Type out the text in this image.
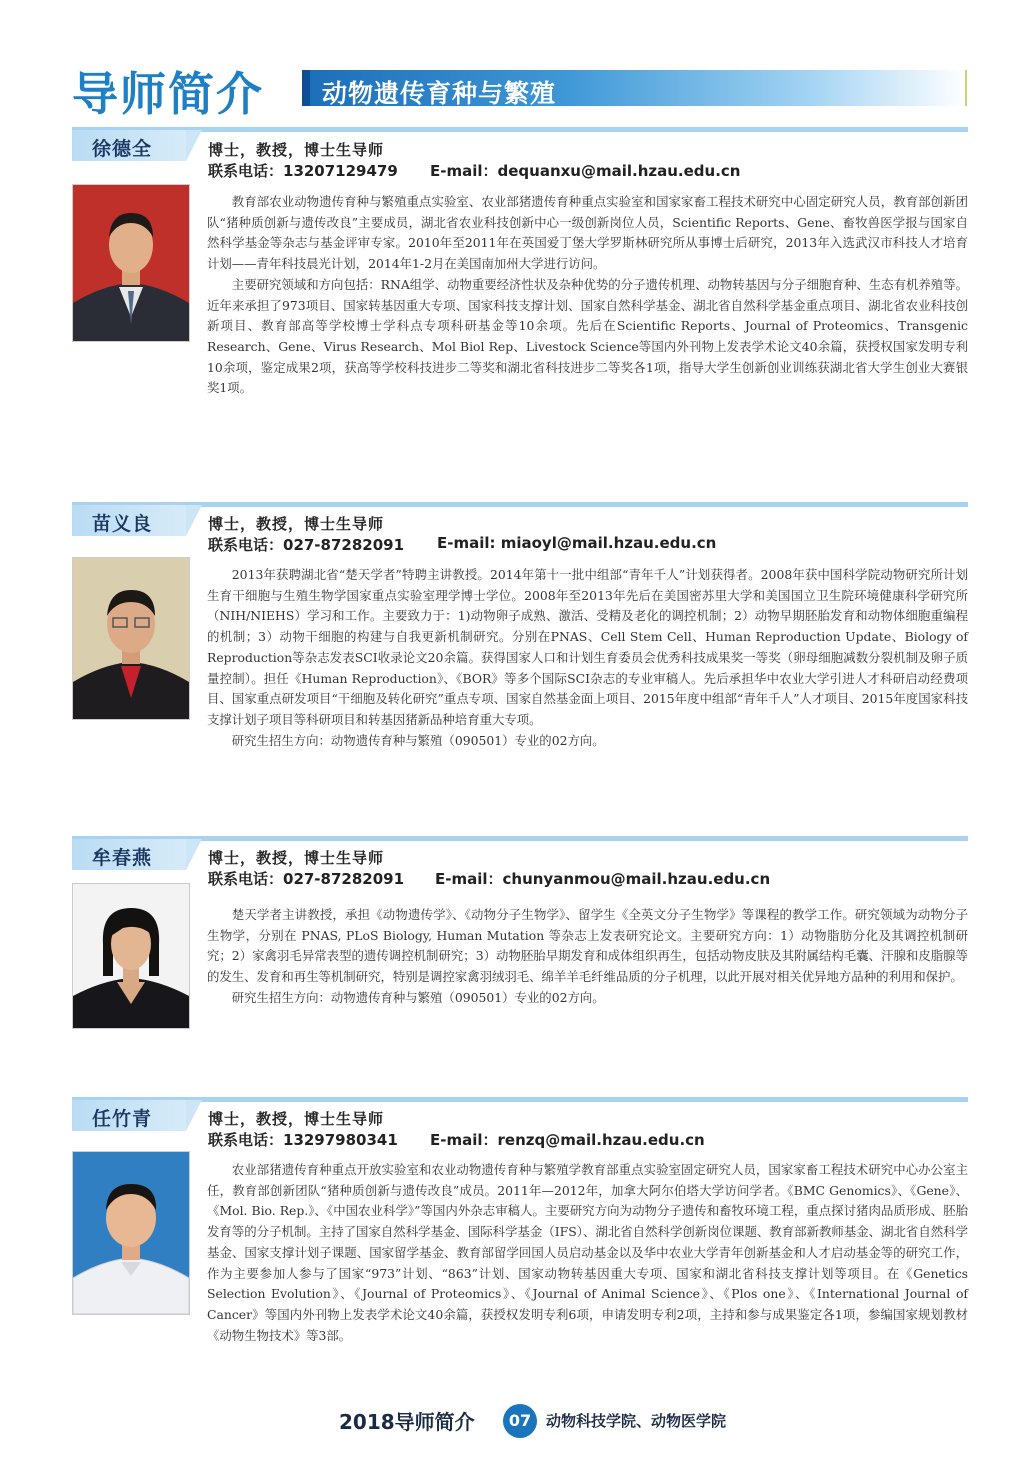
导师简介 动物遗传育种与繁殖
徐德全	博士，教授，博士生导师
联系电话：13207129479 E-mail：dequanxu@mail.hzau.edu.cn

教育部农业动物遗传育种与繁殖重点实验室、农业部猪遗传育种重点实验室和国家家畜工程技术研究中心固定研究人员，教育部创新团队“猪种质创新与遗传改良”主要成员，湖北省农业科技创新中心一级创新岗位人员，Scientific Reports、Gene、畜牧兽医学报与国家自然科学基金等杂志与基金评审专家。2010年至2011年在英国爱丁堡大学罗斯林研究所从事博士后研究，2013年入选武汉市科技人才培育计划——青年科技晨光计划，2014年1-2月在美国南加州大学进行访问。

主要研究领域和方向包括：RNA组学、动物重要经济性状及杂种优势的分子遗传机理、动物转基因与分子细胞育种、生态有机养殖等。近年来承担了973项目、国家转基因重大专项、国家科技支撑计划、国家自然科学基金、湖北省自然科学基金重点项目、湖北省农业科技创新项目、教育部高等学校博士学科点专项科研基金等10余项。先后在Scientific Reports、Journal of Proteomics、Transgenic Research、Gene、Virus Research、Mol Biol Rep、Livestock Science等国内外刊物上发表学术论文40余篇，获授权国家发明专利10余项，鉴定成果2项，获高等学校科技进步二等奖和湖北省科技进步二等奖各1项，指导大学生创新创业训练获湖北省大学生创业大赛银奖1项。

苗义良	博士，教授，博士生导师
联系电话：027-87282091 E-mail: miaoyl@mail.hzau.edu.cn

2013年获聘湖北省“楚天学者”特聘主讲教授。2014年第十一批中组部“青年千人”计划获得者。2008年获中国科学院动物研究所计划生育干细胞与生殖生物学国家重点实验室理学博士学位。2008年至2013年先后在美国密苏里大学和美国国立卫生院环境健康科学研究所（NIH/NIEHS）学习和工作。主要致力于：1)动物卵子成熟、激活、受精及老化的调控机制；2）动物早期胚胎发育和动物体细胞重编程的机制；3）动物干细胞的构建与自我更新机制研究。分别在PNAS、Cell Stem Cell、Human Reproduction Update、Biology of Reproduction等杂志发表SCI收录论文20余篇。获得国家人口和计划生育委员会优秀科技成果奖一等奖（卵母细胞减数分裂机制及卵子质量控制）。担任《Human Reproduction》、《BOR》等多个国际SCI杂志的专业审稿人。先后承担华中农业大学引进人才科研启动经费项目、国家重点研发项目“干细胞及转化研究”重点专项、国家自然基金面上项目、2015年度中组部“青年千人”人才项目、2015年度国家科技支撑计划子项目等科研项目和转基因猪新品种培育重大专项。

研究生招生方向：动物遗传育种与繁殖（090501）专业的02方向。

牟春燕	博士，教授，博士生导师
联系电话：027-87282091 E-mail：chunyanmou@mail.hzau.edu.cn

楚天学者主讲教授，承担《动物遗传学》、《动物分子生物学》、留学生《全英文分子生物学》等课程的教学工作。研究领域为动物分子生物学，分别在 PNAS, PLoS Biology, Human Mutation 等杂志上发表研究论文。主要研究方向：1）动物脂肪分化及其调控机制研究；2）家禽羽毛异常表型的遗传调控机制研究；3）动物胚胎早期发育和成体组织再生，包括动物皮肤及其附属结构毛囊、汗腺和皮脂腺等的发生、发育和再生等机制研究，特别是调控家禽羽绒羽毛、绵羊羊毛纤维品质的分子机理，以此开展对相关优异地方品种的利用和保护。

研究生招生方向：动物遗传育种与繁殖（090501）专业的02方向。

任竹青	博士，教授，博士生导师
联系电话：13297980341 E-mail：renzq@mail.hzau.edu.cn

农业部猪遗传育种重点开放实验室和农业动物遗传育种与繁殖学教育部重点实验室固定研究人员，国家家畜工程技术研究中心办公室主任，教育部创新团队“猪种质创新与遗传改良”成员。2011年—2012年，加拿大阿尔伯塔大学访问学者。《BMC Genomics》、《Gene》、《Mol. Bio. Rep.》、《中国农业科学》”等国内外杂志审稿人。主要研究方向为动物分子遗传和畜牧环境工程，重点探讨猪肉品质形成、胚胎发育等的分子机制。主持了国家自然科学基金、国际科学基金（IFS）、湖北省自然科学创新岗位课题、教育部新教师基金、湖北省自然科学基金、国家支撑计划子课题、国家留学基金、教育部留学回国人员启动基金以及华中农业大学青年创新基金和人才启动基金等的研究工作，作为主要参加人参与了国家“973”计划、“863”计划、国家动物转基因重大专项、国家和湖北省科技支撑计划等项目。在《Genetics Selection Evolution》、《Journal of Proteomics》、《Journal of Animal Science》、《Plos one》、《International Journal of Cancer》等国内外刊物上发表学术论文40余篇，获授权发明专利6项，申请发明专利2项，主持和参与成果鉴定各1项，参编国家规划教材《动物生物技术》等3部。

2018导师简介	07 动物科技学院、动物医学院
